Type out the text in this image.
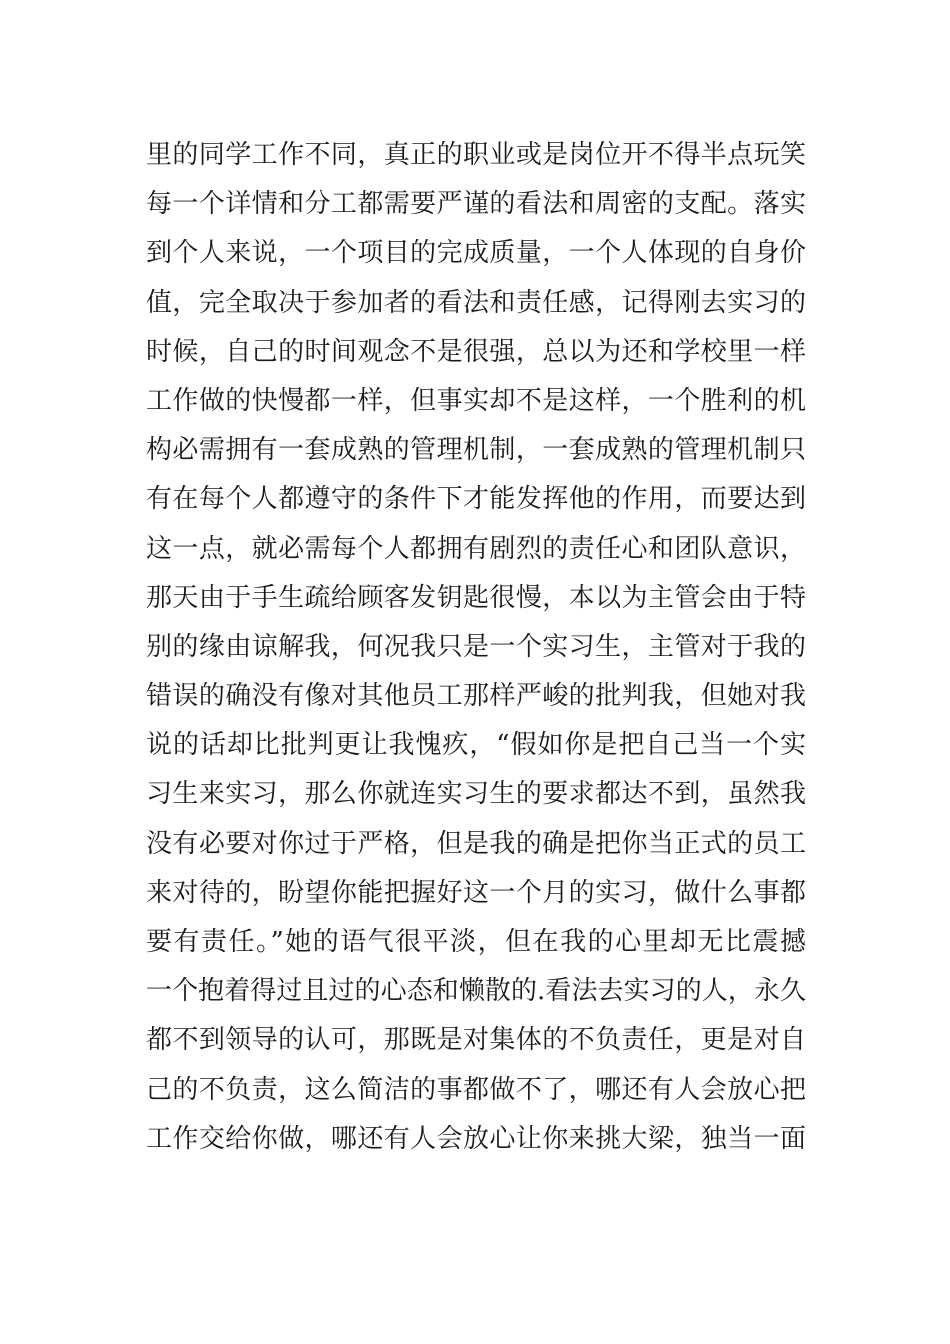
里的同学工作不同，真正的职业或是岗位开不得半点玩笑
每一个详情和分工都需要严谨的看法和周密的支配。落实
到个人来说，一个项目的完成质量，一个人体现的自身价
值，完全取决于参加者的看法和责任感，记得刚去实习的
时候，自己的时间观念不是很强，总以为还和学校里一样
工作做的快慢都一样，但事实却不是这样，一个胜利的机
构必需拥有一套成熟的管理机制，一套成熟的管理机制只
有在每个人都遵守的条件下才能发挥他的作用，而要达到
这一点，就必需每个人都拥有剧烈的责任心和团队意识，
那天由于手生疏给顾客发钥匙很慢，本以为主管会由于特
别的缘由谅解我，何况我只是一个实习生，主管对于我的
错误的确没有像对其他员工那样严峻的批判我，但她对我
说的话却比批判更让我愧疚，“假如你是把自己当一个实
习生来实习，那么你就连实习生的要求都达不到，虽然我
没有必要对你过于严格，但是我的确是把你当正式的员工
来对待的，盼望你能把握好这一个月的实习，做什么事都
要有责任。”她的语气很平淡，但在我的心里却无比震撼
一个抱着得过且过的心态和懒散的.看法去实习的人，永久
都不到领导的认可，那既是对集体的不负责任，更是对自
己的不负责，这么简洁的事都做不了，哪还有人会放心把
工作交给你做，哪还有人会放心让你来挑大梁，独当一面
